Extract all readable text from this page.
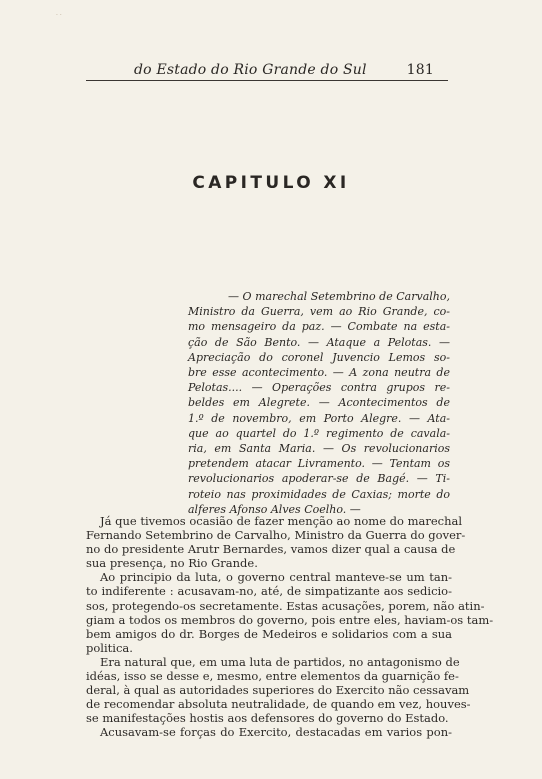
· ·
do Estado do Rio Grande do Sul	181
CAPITULO XI
— O marechal Setembrino de Carvalho,
Ministro da Guerra, vem ao Rio Grande, co-
mo mensageiro da paz. — Combate na esta-
ção de São Bento. — Ataque a Pelotas. —
Apreciação do coronel Juvencio Lemos so-
bre esse acontecimento. — A zona neutra de
Pelotas.... — Operações contra grupos re-
beldes em Alegrete. — Acontecimentos de
1.º de novembro, em Porto Alegre. — Ata-
que ao quartel do 1.º regimento de cavala-
ria, em Santa Maria. — Os revolucionarios
pretendem atacar Livramento. — Tentam os
revolucionarios apoderar-se de Bagé. — Ti-
roteio nas proximidades de Caxias; morte do
alferes Afonso Alves Coelho. —
Já que tivemos ocasião de fazer menção ao nome do marechal
Fernando Setembrino de Carvalho, Ministro da Guerra do gover-
no do presidente Arutr Bernardes, vamos dizer qual a causa de
sua presença, no Rio Grande.
Ao principio da luta, o governo central manteve-se um tan-
to indiferente : acusavam-no, até, de simpatizante aos sedicio-
sos, protegendo-os secretamente. Estas acusações, porem, não atin-
giam a todos os membros do governo, pois entre eles, haviam-os tam-
bem amigos do dr. Borges de Medeiros e solidarios com a sua
politica.
Era natural que, em uma luta de partidos, no antagonismo de
idéas, isso se desse e, mesmo, entre elementos da guarnição fe-
deral, à qual as autoridades superiores do Exercito não cessavam
de recomendar absoluta neutralidade, de quando em vez, houves-
se manifestações hostis aos defensores do governo do Estado.
Acusavam-se forças do Exercito, destacadas em varios pon-
